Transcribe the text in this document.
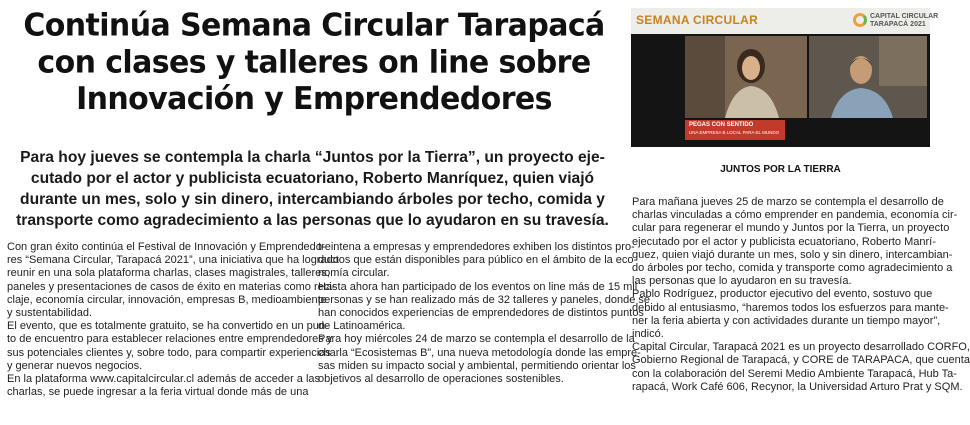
Continúa Semana Circular Tarapacá
con clases y talleres on line sobre
Innovación y Emprendedores
Para hoy jueves se contempla la charla “Juntos por la Tierra”, un proyecto eje-
cutado por el actor y publicista ecuatoriano, Roberto Manríquez, quien viajó
durante un mes, solo y sin dinero, intercambiando árboles por techo, comida y
transporte como agradecimiento a las personas que lo ayudaron en su travesía.
SEMANA CIRCULAR	CAPITAL CIRCULAR
TARAPACÁ 2021
PEGAS CON SENTIDO
UNA EMPRESA B LOCAL PARA EL MUNDO
JUNTOS POR LA TIERRA

Con gran éxito continúa el Festival de Innovación y Emprendedo-
res “Semana Circular, Tarapacá 2021”, una iniciativa que ha logrado
reunir en una sola plataforma charlas, clases magistrales, talleres,
paneles y presentaciones de casos de éxito en materias como reci-
claje, economía circular, innovación, empresas B, medioambiente
y sustentabilidad.

El evento, que es totalmente gratuito, se ha convertido en un pun-
to de encuentro para establecer relaciones entre emprendedores y
sus potenciales clientes y, sobre todo, para compartir experiencias
y generar nuevos negocios.

En la plataforma www.capitalcircular.cl además de acceder a las
charlas, se puede ingresar a la feria virtual donde más de una

treintena a empresas y emprendedores exhiben los distintos pro-
ductos que están disponibles para público en el ámbito de la eco-
nomía circular.

Hasta ahora han participado de los eventos on line más de 15 mil
personas y se han realizado más de 32 talleres y paneles, donde se
han conocidos experiencias de emprendedores de distintos puntos
de Latinoamérica.

Para hoy miércoles 24 de marzo se contempla el desarrollo de la
charla “Ecosistemas B”, una nueva metodología donde las empre-
sas miden su impacto social y ambiental, permitiendo orientar los
objetivos al desarrollo de operaciones sostenibles.

Para mañana jueves 25 de marzo se contempla el desarrollo de
charlas vinculadas a cómo emprender en pandemia, economía cir-
cular para regenerar el mundo y Juntos por la Tierra, un proyecto
ejecutado por el actor y publicista ecuatoriano, Roberto Manrí-
quez, quien viajó durante un mes, solo y sin dinero, intercambian-
do árboles por techo, comida y transporte como agradecimiento a
las personas que lo ayudaron en su travesía.

Pablo Rodríguez, productor ejecutivo del evento, sostuvo que
debido al entusiasmo, “haremos todos los esfuerzos para mante-
ner la feria abierta y con actividades durante un tiempo mayor”,
indicó.

Capital Circular, Tarapacá 2021 es un proyecto desarrollado CORFO,
Gobierno Regional de Tarapacá, y CORE de TARAPACA, que cuenta
con la colaboración del Seremi Medio Ambiente Tarapacá, Hub Ta-
rapacá, Work Café 606, Recynor, la Universidad Arturo Prat y SQM.
